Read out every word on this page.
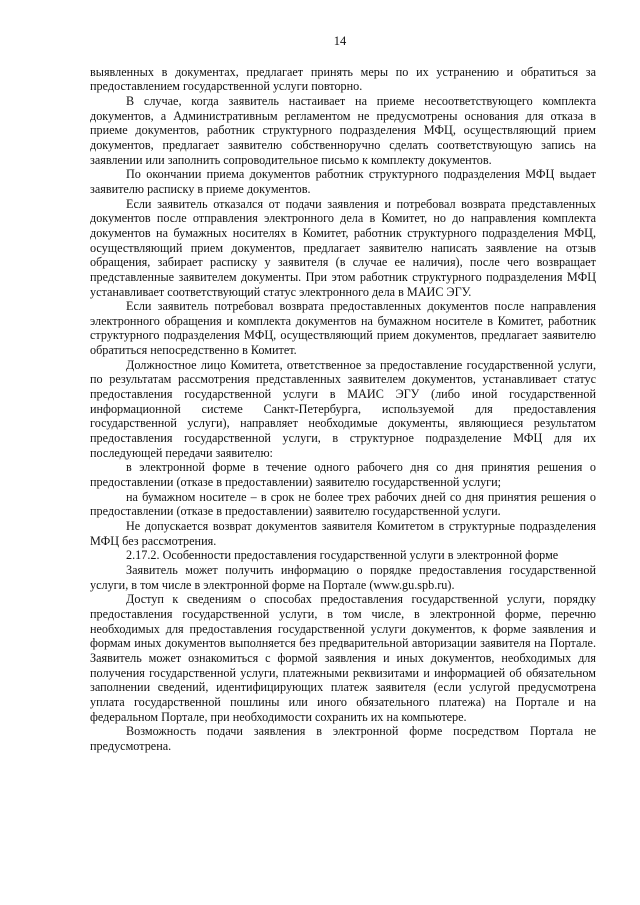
14

выявленных в документах, предлагает принять меры по их устранению и обратиться за предоставлением государственной услуги повторно.

В случае, когда заявитель настаивает на приеме несоответствующего комплекта документов, а Административным регламентом не предусмотрены основания для отказа в приеме документов, работник структурного подразделения МФЦ, осуществляющий прием документов, предлагает заявителю собственноручно сделать соответствующую запись на заявлении или заполнить сопроводительное письмо к комплекту документов.

По окончании приема документов работник структурного подразделения МФЦ выдает заявителю расписку в приеме документов.

Если заявитель отказался от подачи заявления и потребовал возврата представленных документов после отправления электронного дела в Комитет, но до направления комплекта документов на бумажных носителях в Комитет, работник структурного подразделения МФЦ, осуществляющий прием документов, предлагает заявителю написать заявление на отзыв обращения, забирает расписку у заявителя (в случае ее наличия), после чего возвращает представленные заявителем документы. При этом работник структурного подразделения МФЦ устанавливает соответствующий статус электронного дела в МАИС ЭГУ.

Если заявитель потребовал возврата предоставленных документов после направления электронного обращения и комплекта документов на бумажном носителе в Комитет, работник структурного подразделения МФЦ, осуществляющий прием документов, предлагает заявителю обратиться непосредственно в Комитет.

Должностное лицо Комитета, ответственное за предоставление государственной услуги, по результатам рассмотрения представленных заявителем документов, устанавливает статус предоставления государственной услуги в МАИС ЭГУ (либо иной государственной информационной системе Санкт-Петербурга, используемой для предоставления государственной услуги), направляет необходимые документы, являющиеся результатом предоставления государственной услуги, в структурное подразделение МФЦ для их последующей передачи заявителю:

в электронной форме в течение одного рабочего дня со дня принятия решения о предоставлении (отказе в предоставлении) заявителю государственной услуги;

на бумажном носителе – в срок не более трех рабочих дней со дня принятия решения о предоставлении (отказе в предоставлении) заявителю государственной услуги.

Не допускается возврат документов заявителя Комитетом в структурные подразделения МФЦ без рассмотрения.

2.17.2. Особенности предоставления государственной услуги в электронной форме

Заявитель может получить информацию о порядке предоставления государственной услуги, в том числе в электронной форме на Портале (www.gu.spb.ru).

Доступ к сведениям о способах предоставления государственной услуги, порядку предоставления государственной услуги, в том числе, в электронной форме, перечню необходимых для предоставления государственной услуги документов, к форме заявления и формам иных документов выполняется без предварительной авторизации заявителя на Портале. Заявитель может ознакомиться с формой заявления и иных документов, необходимых для получения государственной услуги, платежными реквизитами и информацией об обязательном заполнении сведений, идентифицирующих платеж заявителя (если услугой предусмотрена уплата государственной пошлины или иного обязательного платежа) на Портале и на федеральном Портале, при необходимости сохранить их на компьютере.

Возможность подачи заявления в электронной форме посредством Портала не предусмотрена.
